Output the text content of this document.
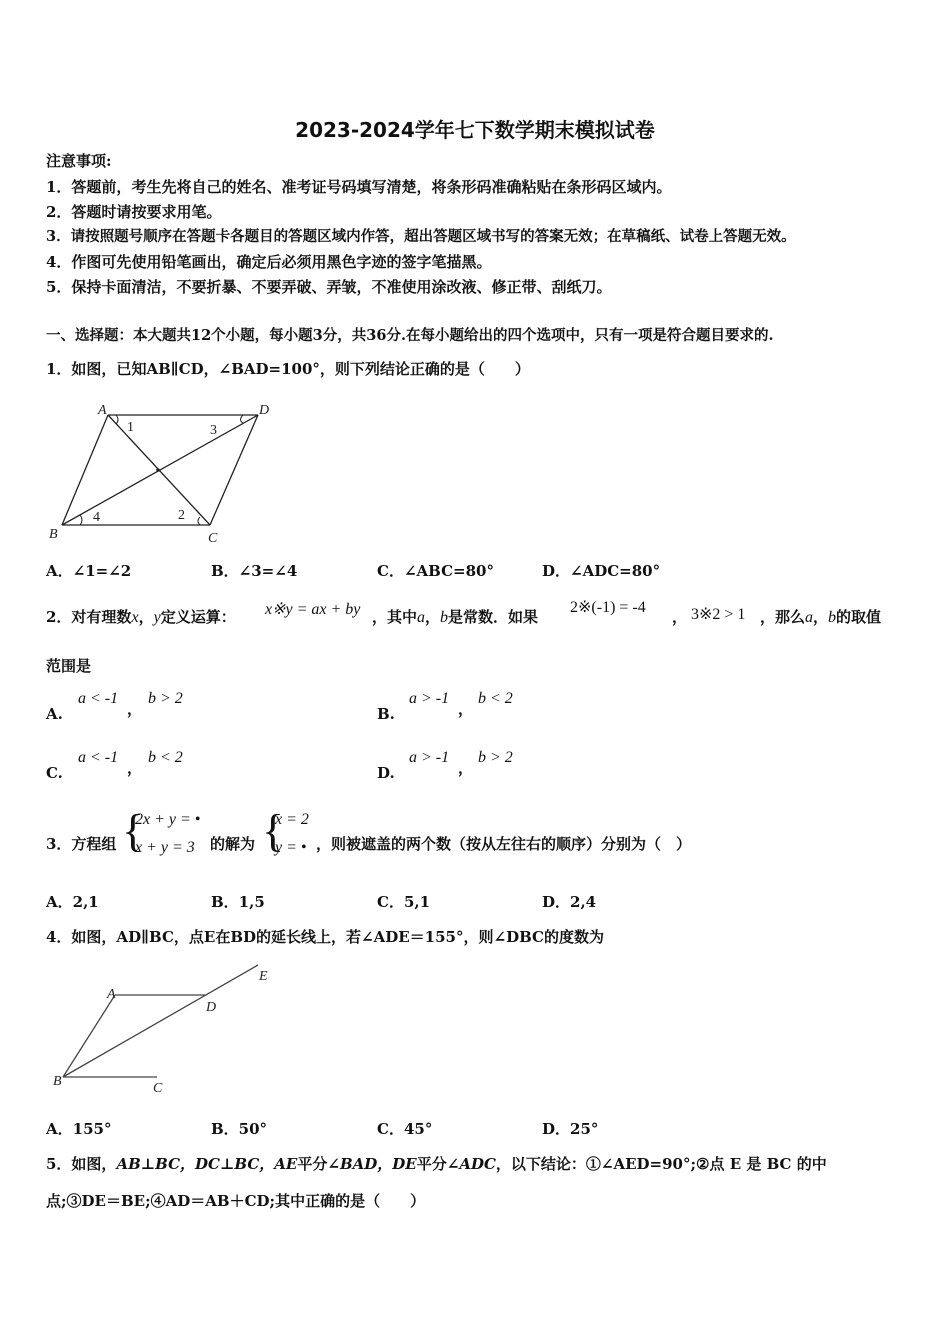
2023-2024学年七下数学期末模拟试卷
注意事项:
1．答题前，考生先将自己的姓名、准考证号码填写清楚，将条形码准确粘贴在条形码区域内。
2．答题时请按要求用笔。
3．请按照题号顺序在答题卡各题目的答题区域内作答，超出答题区域书写的答案无效；在草稿纸、试卷上答题无效。
4．作图可先使用铅笔画出，确定后必须用黑色字迹的签字笔描黑。
5．保持卡面清洁，不要折暴、不要弄破、弄皱，不准使用涂改液、修正带、刮纸刀。
一、选择题：本大题共12个小题，每小题3分，共36分.在每小题给出的四个选项中，只有一项是符合题目要求的.
1．如图，已知AB∥CD，∠BAD=100°，则下列结论正确的是（　　）
A	D
B	C
1	3
4	2
A．∠1=∠2	B．∠3=∠4	C．∠ABC=80°	D．∠ADC=80°
2．对有理数x，y定义运算： x※y = ax + by ，其中a，b是常数．如果
2※(-1) = -4
， 3※2 > 1 ，那么a，b的取值
范围是
A.
a < -1
，
b > 2
B.
a > -1
，
b < 2
C.
a < -1
，
b < 2
D.
a > -1
，
b > 2
3．方程组 {
2x + y = •
x + y = 3 的解为 {
x = 2
y = • ，则被遮盖的两个数（按从左往右的顺序）分别为（　）
A．2,1	B．1,5	C．5,1	D．2,4
4．如图，AD∥BC，点E在BD的延长线上，若∠ADE＝155°，则∠DBC的度数为
A
D
E
B	C
A．155°	B．50°	C．45°	D．25°
5．如图，AB⊥BC，DC⊥BC，AE平分∠BAD，DE平分∠ADC，以下结论：①∠AED=90°;②点 E 是 BC 的中
点;③DE＝BE;④AD＝AB＋CD;其中正确的是（　　）
